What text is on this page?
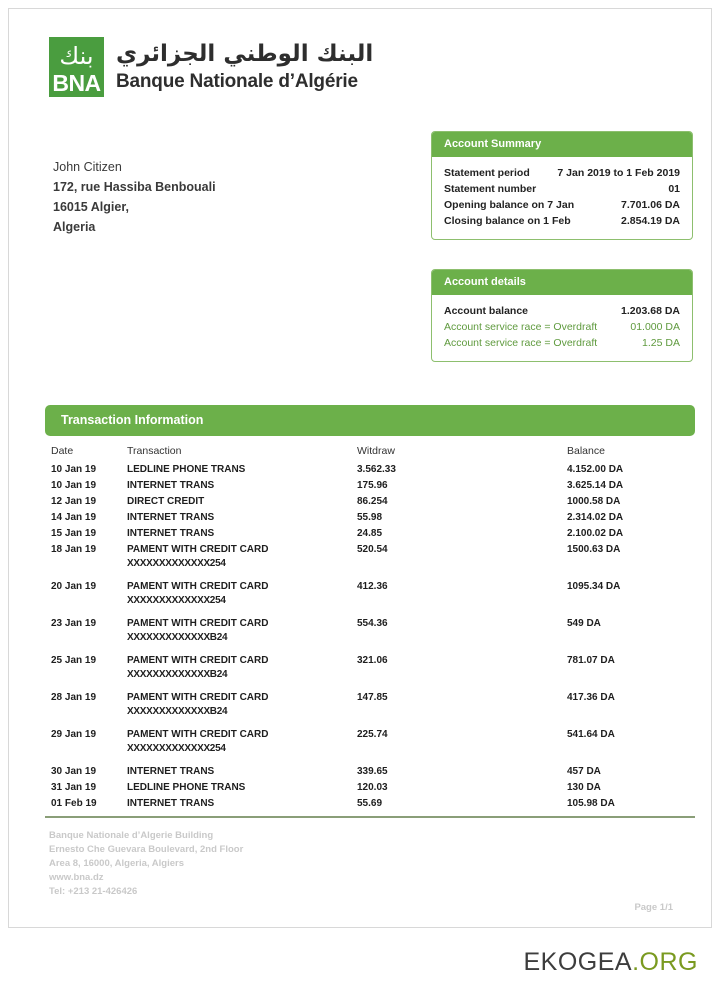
بنك
BNA
البنك الوطني الجزائري
Banque Nationale d’Algérie
John Citizen
172, rue Hassiba Benbouali
16015 Algier,
Algeria
Account Summary
Statement period	7 Jan 2019 to 1 Feb 2019
Statement number	01
Opening balance on 7 Jan	7.701.06 DA
Closing balance on 1 Feb	2.854.19 DA
Account details
Account balance	1.203.68 DA
Account service race = Overdraft	01.000 DA
Account service race = Overdraft	1.25 DA
Transaction Information
Date	Transaction	Witdraw	Balance
10 Jan 19	LEDLINE PHONE TRANS	3.562.33	4.152.00 DA
10 Jan 19	INTERNET TRANS	175.96	3.625.14 DA
12 Jan 19	DIRECT CREDIT	86.254	1000.58 DA
14 Jan 19	INTERNET TRANS	55.98	2.314.02 DA
15 Jan 19	INTERNET TRANS	24.85	2.100.02 DA
18 Jan 19	PAMENT WITH CREDIT CARD
XXXXXXXXXXXXX254	520.54	1500.63 DA
20 Jan 19	PAMENT WITH CREDIT CARD
XXXXXXXXXXXXX254	412.36	1095.34 DA
23 Jan 19	PAMENT WITH CREDIT CARD
XXXXXXXXXXXXXB24	554.36	549 DA
25 Jan 19	PAMENT WITH CREDIT CARD
XXXXXXXXXXXXXB24	321.06	781.07 DA
28 Jan 19	PAMENT WITH CREDIT CARD
XXXXXXXXXXXXXB24	147.85	417.36 DA
29 Jan 19	PAMENT WITH CREDIT CARD
XXXXXXXXXXXXX254	225.74	541.64 DA
30 Jan 19	INTERNET TRANS	339.65	457 DA
31 Jan 19	LEDLINE PHONE TRANS	120.03	130 DA
01 Feb 19	INTERNET TRANS	55.69	105.98 DA
Banque Nationale d’Algerie Building
Ernesto Che Guevara Boulevard, 2nd Floor
Area 8, 16000, Algeria, Algiers
www.bna.dz
Tel: +213 21-426426
Page 1/1
EKOGEA.ORG
